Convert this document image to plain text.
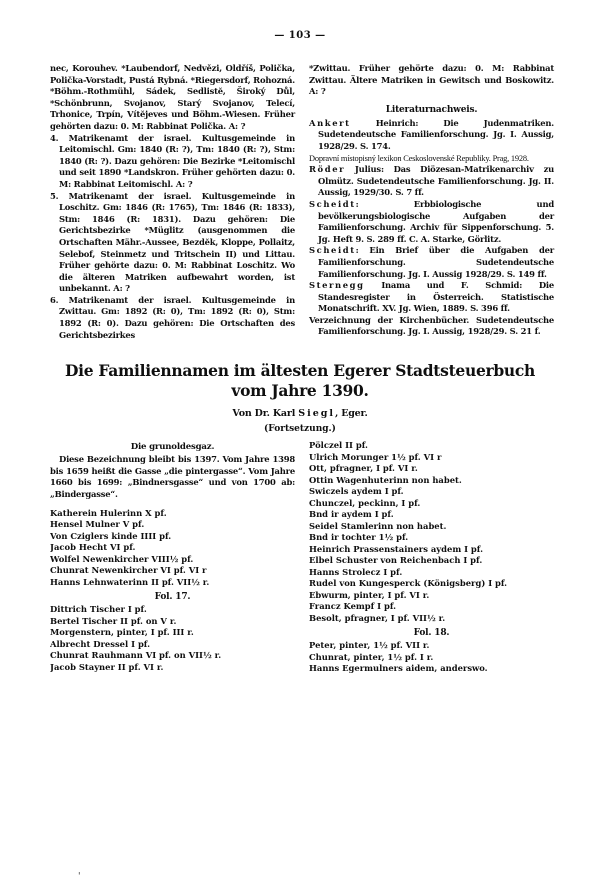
— 103 —

nec, Korouhev. *Laubendorf, Nedvězi, Oldříš, Polička, Polička-Vorstadt, Pustá Rybná. *Riegersdorf, Rohozná. *Böhm.-Rothmühl, Sádek, Sedlistĕ, Široký Důl, *Schönbrunn, Svojanov, Starý Svojanov, Telecí, Trhonice, Trpín, Vítĕjeves und Böhm.-Wiesen. Früher gehörten dazu: 0. M: Rabbinat Polička. A: ?

4. Matrikenamt der israel. Kultusgemeinde in Leitomischl. Gm: 1840 (R: ?), Tm: 1840 (R: ?), Stm: 1840 (R: ?). Dazu gehören: Die Bezirke *Leitomischl und seit 1890 *Landskron. Früher gehörten dazu: 0. M: Rabbinat Leitomischl. A: ?
5. Matrikenamt der israel. Kultusgemeinde in Loschitz. Gm: 1846 (R: 1765), Tm: 1846 (R: 1833), Stm: 1846 (R: 1831). Dazu gehören: Die Gerichtsbezirke *Müglitz (ausgenommen die Ortschaften Mähr.-Aussee, Bezdĕk, Kloppe, Pollaitz, Selebof, Steinmetz und Tritschein II) und Littau. Früher gehörte dazu: 0. M: Rabbinat Loschitz. Wo die älteren Matriken aufbewahrt worden, ist unbekannt. A: ?
6. Matrikenamt der israel. Kultusgemeinde in Zwittau. Gm: 1892 (R: 0), Tm: 1892 (R: 0), Stm: 1892 (R: 0). Dazu gehören: Die Ortschaften des Gerichtsbezirkes

*Zwittau. Früher gehörte dazu: 0. M: Rabbinat Zwittau. Ältere Matriken in Gewitsch und Boskowitz. A: ?

Literaturnachweis.

Ankert	Heinrich: Die Judenmatriken. Sudetendeutsche Familienforschung. Jg. I. Aussig, 1928/29. S. 174.

Dopravní místopisný lexikon Ceskoslovenské Republiky. Prag, 1928.

Röder Julius: Das Diözesan-Matrikenarchiv zu Olmütz. Sudetendeutsche Familienforschung. Jg. II. Aussig, 1929/30. S. 7 ff.

Scheidt: Erbbiologische und bevölkerungsbiologische Aufgaben der Familienforschung. Archiv für Sippenforschung. 5. Jg. Heft 9. S. 289 ff. C. A. Starke, Görlitz.

Scheidt: Ein Brief über die Aufgaben der Familienforschung. Sudetendeutsche Familienforschung. Jg. I. Aussig 1928/29. S. 149 ff.

Sternegg Inama und F. Schmid: Die Standesregister in Österreich. Statistische Monatschrift. XV. Jg. Wien, 1889. S. 396 ff.

Verzeichnung der Kirchenbücher. Sudetendeutsche Familienforschung. Jg. I. Aussig, 1928/29. S. 21 f.

Die Familiennamen im ältesten Egerer Stadtsteuerbuch
vom Jahre 1390.
Von Dr. Karl Siegl, Eger.
(Fortsetzung.)
Die grunoldesgaz.

Diese Bezeichnung bleibt bis 1397. Vom Jahre 1398 bis 1659 heißt die Gasse „die pintergasse“. Vom Jahre 1660 bis 1699: „Bindnersgasse“ und von 1700 ab: „Bindergasse“.

Katherein Hulerinn X pf.
Hensel Mulner V pf.
Von Cziglers kinde IIII pf.
Jacob Hecht VI pf.
Wolfel Newenkircher VIII½ pf.
Chunrat Newenkircher VI pf. VI r
Hanns Lehnwaterinn II pf. VII½ r.
Fol. 17.
Dittrich Tischer I pf.
Bertel Tischer II pf. on V r.
Morgenstern, pinter, I pf. III r.
Albrecht Dressel I pf.
Chunrat Rauhmann VI pf. on VII½ r.
Jacob Stayner II pf. VI r.
Pölczel II pf.
Ulrich Morunger 1½ pf. VI r
Ott, pfragner, I pf. VI r.
Ottin Wagenhuterinn non habet.
Swiczels aydem I pf.
Chunczel, peckinn, I pf.
Bnd ir aydem I pf.
Seidel Stamlerinn non habet.
Bnd ir tochter 1½ pf.
Heinrich Prassenstainers aydem I pf.
Elbel Schuster von Reichenbach I pf.
Hanns Strolecz I pf.
Rudel von Kungesperck (Königsberg) I pf.
Ebwurm, pinter, I pf. VI r.
Francz Kempf I pf.
Besolt, pfragner, I pf. VII½ r.
Fol. 18.
Peter, pinter, 1½ pf. VII r.
Chunrat, pinter, 1½ pf. I r.
Hanns Egermulners aidem, anderswo.
'
